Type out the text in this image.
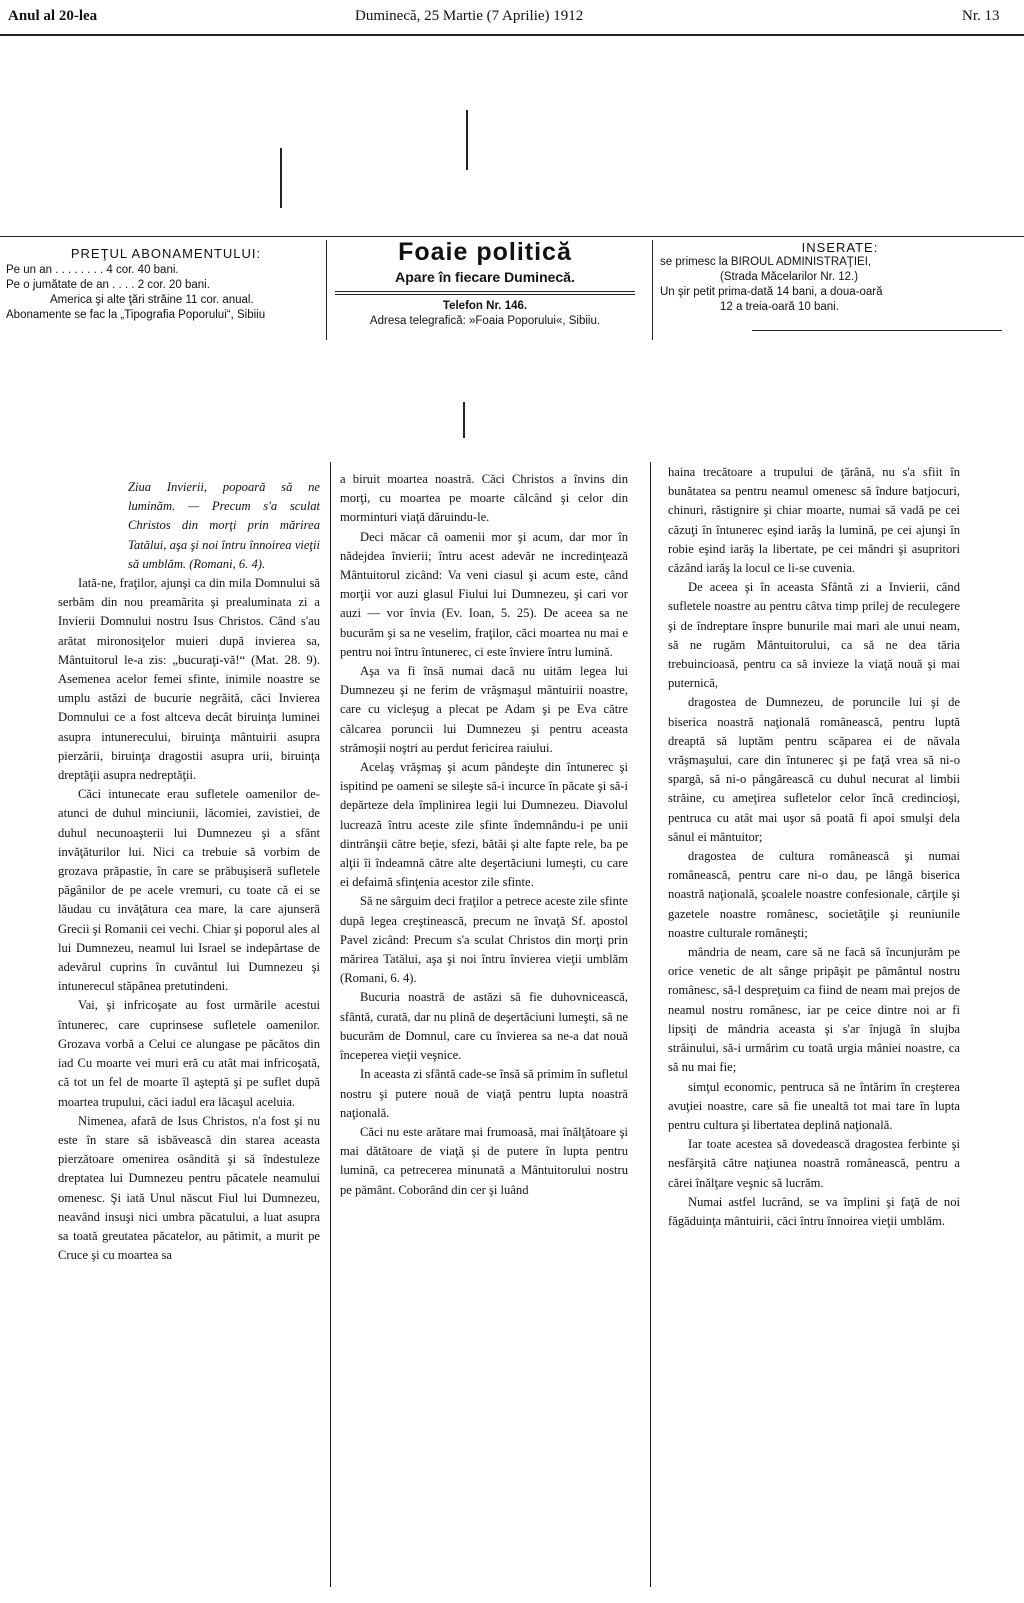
Anul al 20-lea	Duminecă, 25 Martie (7 Aprilie) 1912	Nr. 13
PREŢUL ABONAMENTULUI:
Pe un an . . . . . . . . 4 cor. 40 bani.
Pe o jumătate de an . . . . 2 cor. 20 bani.
America şi alte ţări străine 11 cor. anual.
Abonamente se fac la „Tipografia Poporului“, Sibiiu
Foaie politică
Apare în fiecare Duminecă.
Telefon Nr. 146.
Adresa telegrafică: »Foaia Poporului«, Sibiiu.
INSERATE:
se primesc la BIROUL ADMINISTRAŢIEI,
(Strada Măcelarilor Nr. 12.)
Un şir petit prima-dată 14 bani, a doua-oară
12 a treia-oară 10 bani.

Ziua Invierii, popoară să ne luminăm. — Precum s'a sculat Christos din morţi prin mărirea Tatălui, aşa şi noi întru înnoirea vieţii să umblăm. (Romani, 6. 4).

Iată-ne, fraţilor, ajunşi ca din mila Domnului să serbăm din nou preamărita şi prealuminata zi a Invierii Domnului nostru Isus Christos. Când s'au arătat mironosiţelor muieri după invierea sa, Mântuitorul le-a zis: „bucuraţi-vă!“ (Mat. 28. 9). Asemenea acelor femei sfinte, inimile noastre se umplu astăzi de bucurie negrăită, căci Invierea Domnului ce a fost altceva decât biruinţa luminei asupra intunerecului, biruinţa mântuirii asupra pierzării, biruinţa dragostii asupra urii, biruinţa dreptăţii asupra nedreptăţii.

Căci intunecate erau sufletele oamenilor de-atunci de duhul minciunii, lăcomiei, zavistiei, de duhul necunoaşterii lui Dumnezeu şi a sfânt invăţăturilor lui. Nici ca trebuie să vorbim de grozava prăpastie, în care se prăbuşiseră sufletele păgânilor de pe acele vremuri, cu toate că ei se lăudau cu invăţătura cea mare, la care ajunseră Grecii şi Romanii cei vechi. Chiar şi poporul ales al lui Dumnezeu, neamul lui Israel se indepărtase de adevărul cuprins în cuvântul lui Dumnezeu şi intunerecul stăpânea pretutindeni.

Vai, şi infricoşate au fost urmările acestui întunerec, care cuprinsese sufletele oamenilor. Grozava vorbă a Celui ce alungase pe păcătos din iad Cu moarte vei muri eră cu atât mai infricoşată, că tot un fel de moarte îl aşteptă şi pe suflet după moartea trupului, căci iadul era lăcaşul aceluia.

Nimenea, afară de Isus Christos, n'a fost şi nu este în stare să isbăvească din starea aceasta pierzătoare omenirea osândită şi să îndestuleze dreptatea lui Dumnezeu pentru păcatele neamului omenesc. Şi iată Unul născut Fiul lui Dumnezeu, neavând insuşi nici umbra păcatului, a luat asupra sa toată greutatea păcatelor, au pătimit, a murit pe Cruce şi cu moartea sa

a biruit moartea noastră. Căci Christos a învins din morţi, cu moartea pe moarte călcând şi celor din morminturi viaţă dăruindu-le.

Deci măcar că oamenii mor şi acum, dar mor în nădejdea învierii; întru acest adevăr ne incredinţează Mântuitorul zicând: Va veni ciasul şi acum este, când morţii vor auzi glasul Fiului lui Dumnezeu, şi cari vor auzi — vor învia (Ev. Ioan, 5. 25). De aceea sa ne bucurăm şi sa ne veselim, fraţilor, căci moartea nu mai e pentru noi întru întunerec, ci este înviere întru lumină.

Aşa va fi însă numai dacă nu uităm legea lui Dumnezeu şi ne ferim de vrăşmaşul mântuirii noastre, care cu vicleşug a plecat pe Adam şi pe Eva către călcarea poruncii lui Dumnezeu şi pentru aceasta strămoşii noştri au perdut fericirea raiului.

Acelaş vrăşmaş şi acum pândeşte din întunerec şi ispitind pe oameni se sileşte să-i incurce în păcate şi să-i depărteze dela împlinirea legii lui Dumnezeu. Diavolul lucrează întru aceste zile sfinte îndemnându-i pe unii dintrânşii către beţie, sfezi, bătăi şi alte fapte rele, ba pe alţii îi îndeamnă către alte deşertăciuni lumeşti, cu care ei defaimă sfinţenia acestor zile sfinte.

Să ne sârguim deci fraţilor a petrece aceste zile sfinte după legea creştinească, precum ne învaţă Sf. apostol Pavel zicând: Precum s'a sculat Christos din morţi prin mărirea Tatălui, aşa şi noi întru învierea vieţii umblăm (Romani, 6. 4).

Bucuria noastră de astăzi să fie duhovnicească, sfântă, curată, dar nu plină de deşertăciuni lumeşti, să ne bucurăm de Domnul, care cu învierea sa ne-a dat nouă începerea vieţii veşnice.

In aceasta zi sfântă cade-se însă să primim în sufletul nostru şi putere nouă de viaţă pentru lupta noastră naţională.

Căci nu este arătare mai frumoasă, mai înălţătoare şi mai dătătoare de viaţă şi de putere în lupta pentru lumină, ca petrecerea minunată a Mântuitorului nostru pe pământ. Coborând din cer şi luând

haina trecătoare a trupului de ţărână, nu s'a sfiit în bunătatea sa pentru neamul omenesc să îndure batjocuri, chinuri, răstignire şi chiar moarte, numai să vadă pe cei căzuţi în întunerec eşind iarăş la lumină, pe cei ajunşi în robie eşind iarăş la libertate, pe cei mândri şi asupritori căzând iarăş la locul ce li-se cuvenia.

De aceea şi în aceasta Sfântă zi a Invierii, când sufletele noastre au pentru câtva timp prilej de reculegere şi de îndreptare înspre bunurile mai mari ale unui neam, să ne rugăm Mântuitorului, ca să ne dea tăria trebuincioasă, pentru ca să invieze la viaţă nouă şi mai puternică,

dragostea de Dumnezeu, de poruncile lui şi de biserica noastră naţională românească, pentru luptă dreaptă să luptăm pentru scăparea ei de năvala vrăşmaşului, care din întunerec şi pe faţă vrea să ni-o spargă, să ni-o pângărească cu duhul necurat al limbii străine, cu ameţirea sufletelor celor încă credincioşi, pentruca cu atât mai uşor să poată fi apoi smulşi dela sânul ei mântuitor;

dragostea de cultura românească şi numai românească, pentru care ni-o dau, pe lângă biserica noastră naţională, şcoalele noastre confesionale, cărţile şi gazetele noastre românesc, societăţile şi reuniunile noastre culturale româneşti;

mândria de neam, care să ne facă să încunjurăm pe orice venetic de alt sânge pripăşit pe pământul nostru românesc, să-l despreţuim ca fiind de neam mai prejos de neamul nostru românesc, iar pe ceice dintre noi ar fi lipsiţi de mândria aceasta şi s'ar înjugă în slujba străinului, să-i urmărim cu toată urgia mâniei noastre, ca să nu mai fie;

simţul economic, pentruca să ne întărim în creşterea avuţiei noastre, care să fie unealtă tot mai tare în lupta pentru cultura şi libertatea deplină naţională.

Iar toate acestea să dovedească dragostea ferbinte şi nesfârşită către naţiunea noastră românească, pentru a cărei înălţare veşnic să lucrăm.

Numai astfel lucrând, se va împlini şi faţă de noi făgăduinţa mântuirii, căci întru înnoirea vieţii umblăm.
